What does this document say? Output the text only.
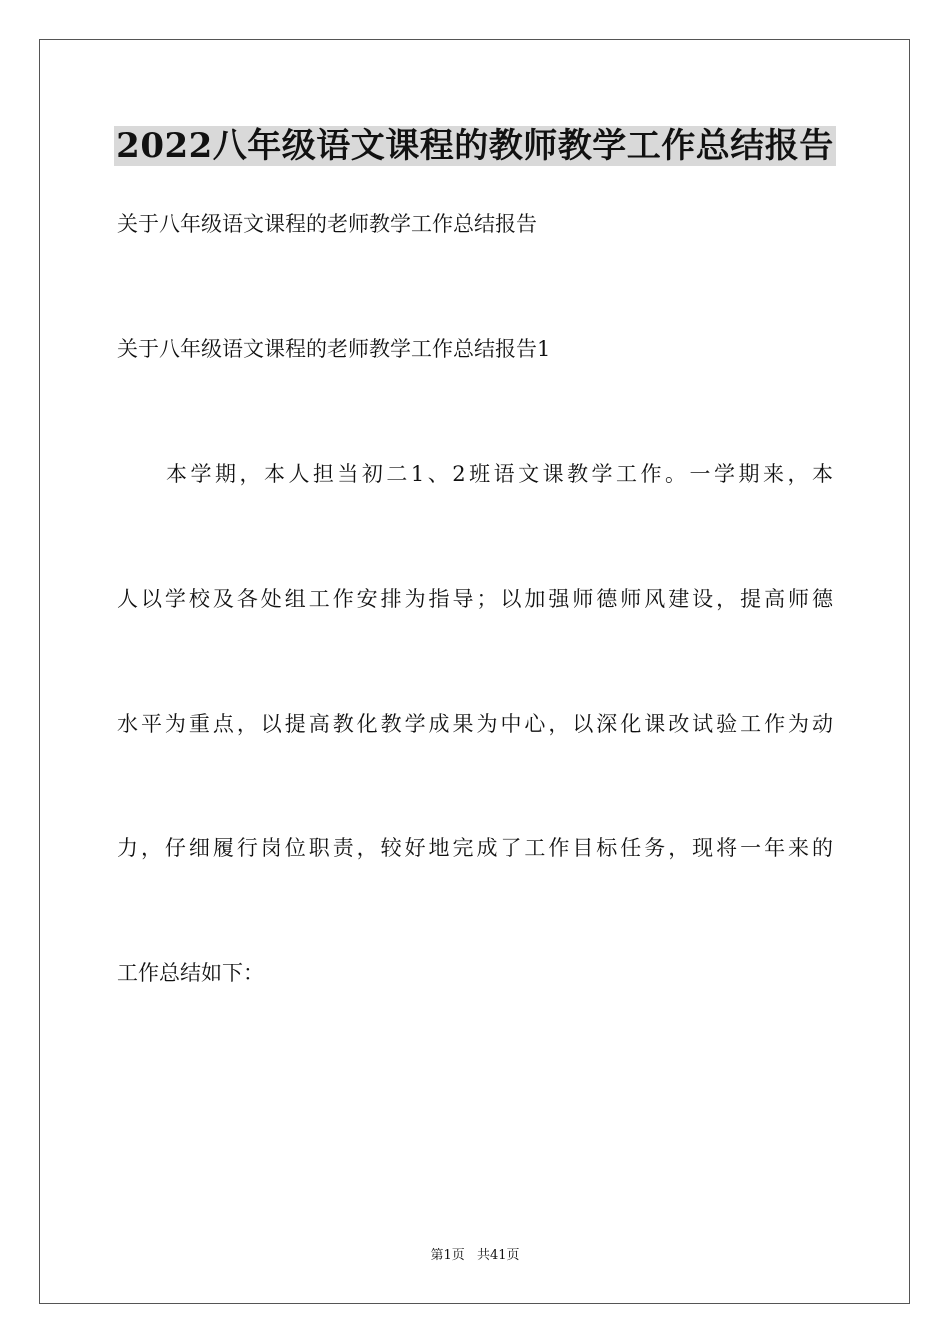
2022八年级语文课程的教师教学工作总结报告
关于八年级语文课程的老师教学工作总结报告
关于八年级语文课程的老师教学工作总结报告1
　　本学期，本人担当初二1、2班语文课教学工作。一学期来，本
人以学校及各处组工作安排为指导；以加强师德师风建设，提高师德
水平为重点，以提高教化教学成果为中心，以深化课改试验工作为动
力，仔细履行岗位职责，较好地完成了工作目标任务，现将一年来的
工作总结如下：
第1页 共41页
